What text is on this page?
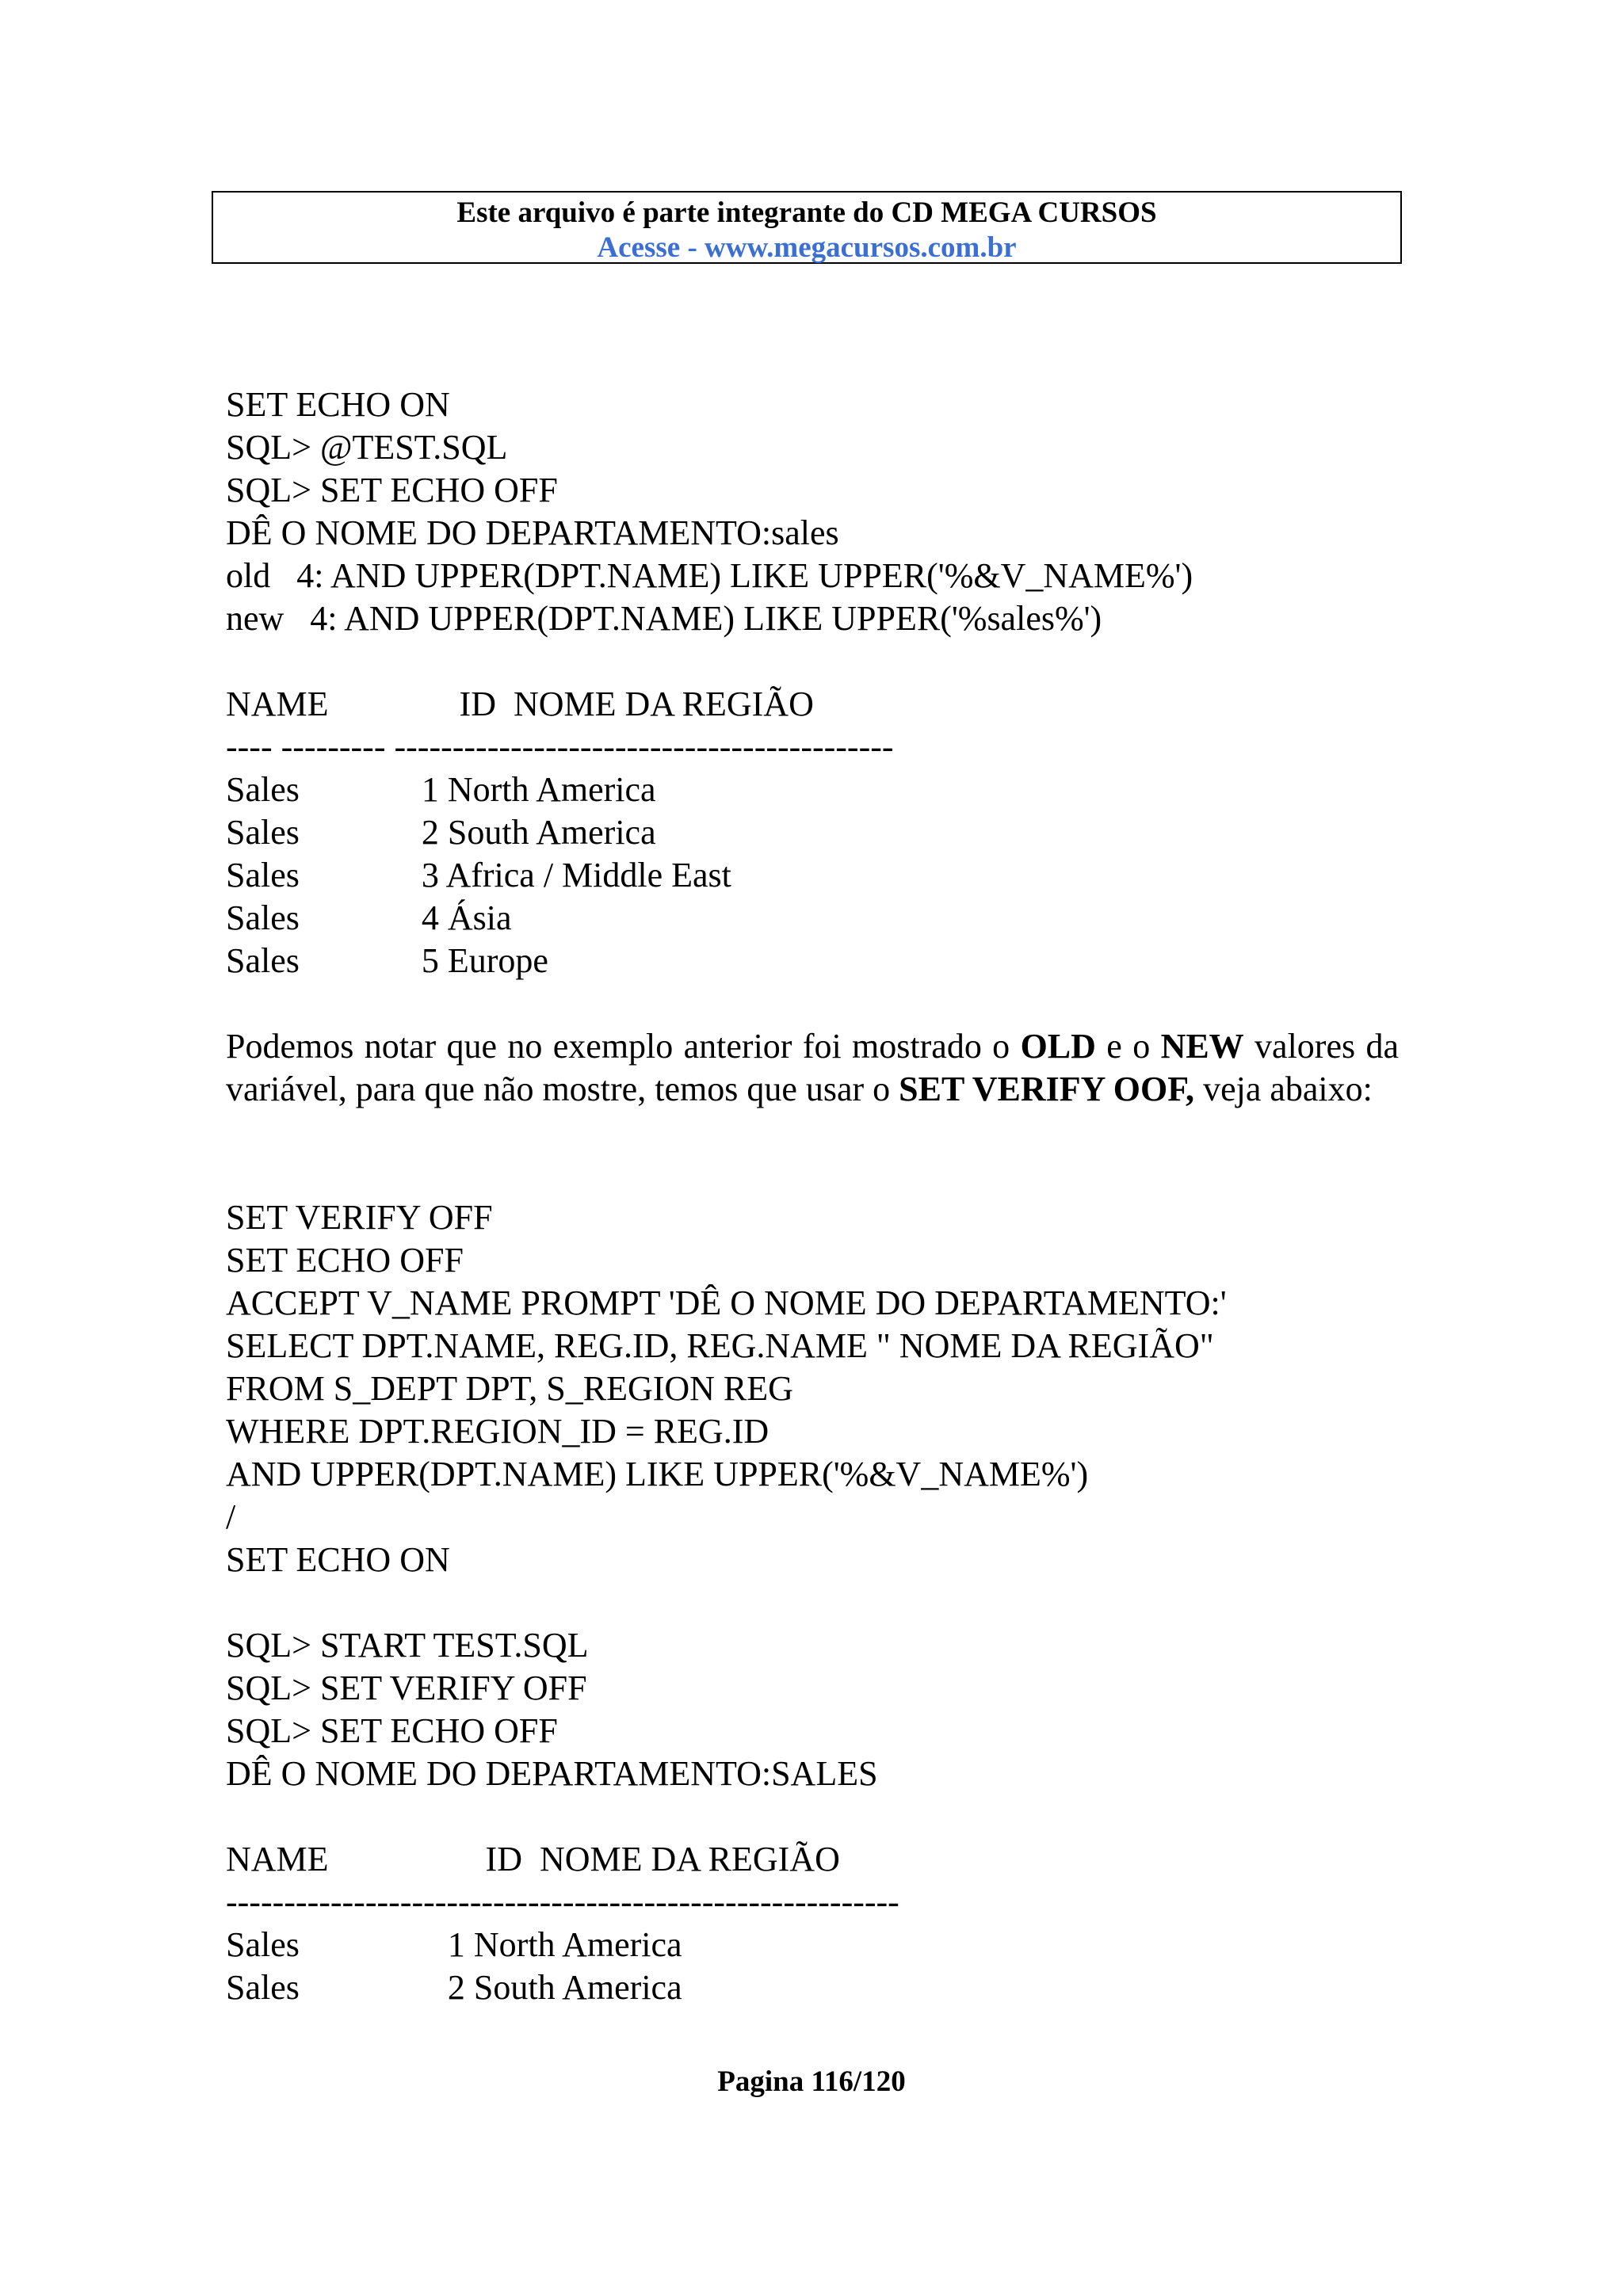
Este arquivo é parte integrante do CD MEGA CURSOS
Acesse - www.megacursos.com.br
SET ECHO ON
SQL> @TEST.SQL
SQL> SET ECHO OFF
DÊ O NOME DO DEPARTAMENTO:sales
old   4: AND UPPER(DPT.NAME) LIKE UPPER('%&V_NAME%')
new   4: AND UPPER(DPT.NAME) LIKE UPPER('%sales%')
NAME               ID  NOME DA REGIÃO
---- --------- -------------------------------------------
Sales              1 North America
Sales              2 South America
Sales              3 Africa / Middle East
Sales              4 Ásia
Sales              5 Europe
Podemos notar que no exemplo anterior foi mostrado o OLD e o NEW valores da variável, para que não mostre, temos que usar o SET VERIFY OOF, veja abaixo:
SET VERIFY OFF
SET ECHO OFF
ACCEPT V_NAME PROMPT 'DÊ O NOME DO DEPARTAMENTO:'
SELECT DPT.NAME, REG.ID, REG.NAME " NOME DA REGIÃO"
FROM S_DEPT DPT, S_REGION REG
WHERE DPT.REGION_ID = REG.ID
AND UPPER(DPT.NAME) LIKE UPPER('%&V_NAME%')
/
SET ECHO ON
SQL> START TEST.SQL
SQL> SET VERIFY OFF
SQL> SET ECHO OFF
DÊ O NOME DO DEPARTAMENTO:SALES
NAME                  ID  NOME DA REGIÃO
----------------------------------------------------------
Sales                 1 North America
Sales                 2 South America
Pagina 116/120
